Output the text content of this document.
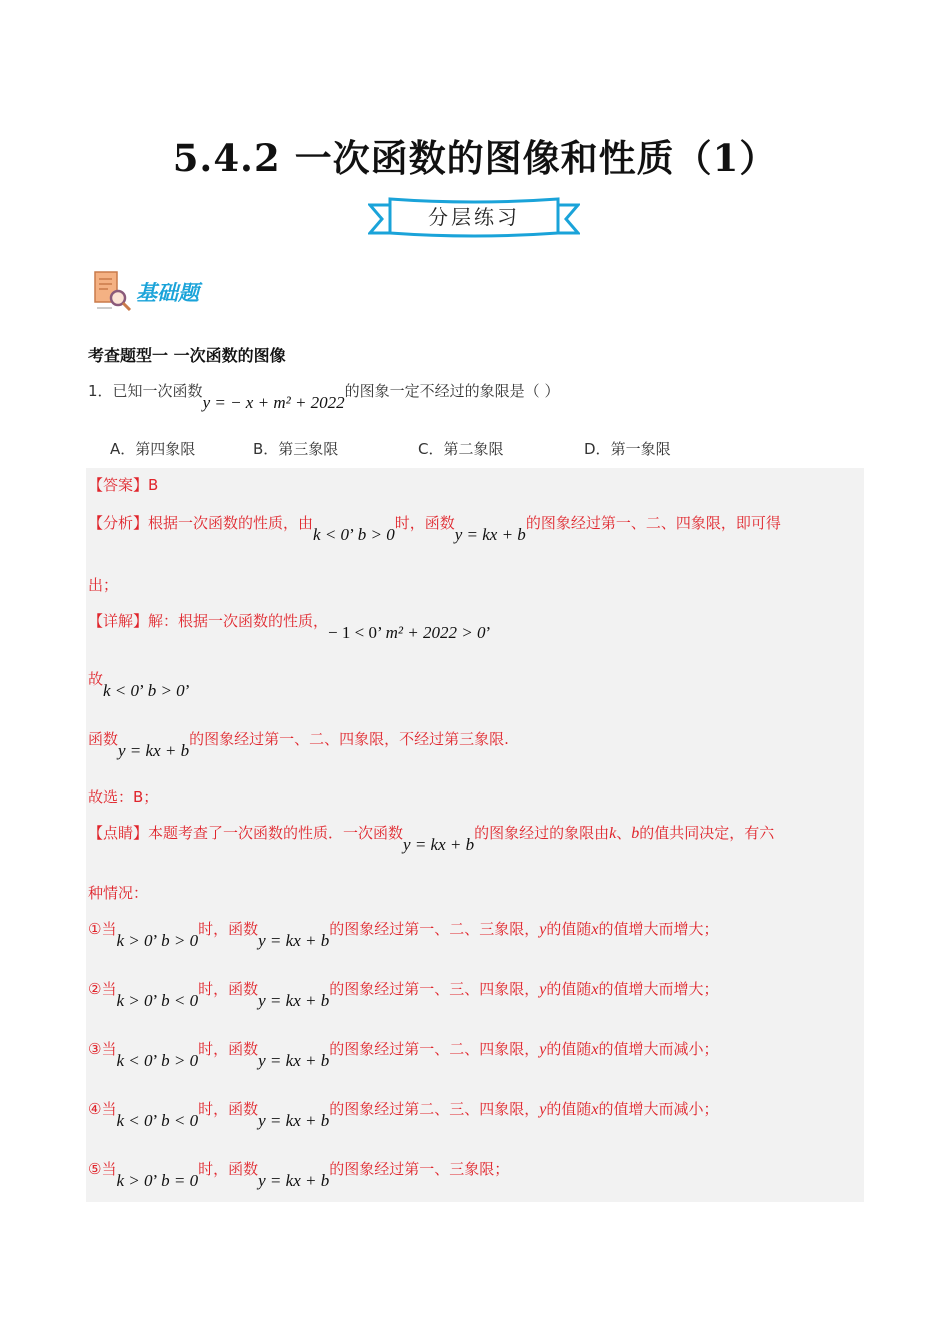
5.4.2 一次函数的图像和性质（1）
分层练习
基础题
考查题型一 一次函数的图像
1．已知一次函数y = − x + m² + 2022的图象一定不经过的象限是（ ）
A．第四象限	B．第三象限	C．第二象限	D．第一象限
【答案】B
【分析】根据一次函数的性质，由k < 0’ b > 0时，函数y = kx + b的图象经过第一、二、四象限，即可得
出；
【详解】解：根据一次函数的性质，− 1 < 0’ m² + 2022 > 0’
故k < 0’ b > 0’
函数y = kx + b的图象经过第一、二、四象限，不经过第三象限.
故选：B；
【点睛】本题考查了一次函数的性质．一次函数y = kx + b的图象经过的象限由k、b的值共同决定，有六
种情况：
①当k > 0’ b > 0时，函数y = kx + b的图象经过第一、二、三象限，y的值随x的值增大而增大；
②当k > 0’ b < 0时，函数y = kx + b的图象经过第一、三、四象限，y的值随x的值增大而增大；
③当k < 0’ b > 0时，函数y = kx + b的图象经过第一、二、四象限，y的值随x的值增大而减小；
④当k < 0’ b < 0时，函数y = kx + b的图象经过第二、三、四象限，y的值随x的值增大而减小；
⑤当k > 0’ b = 0时，函数y = kx + b的图象经过第一、三象限；
